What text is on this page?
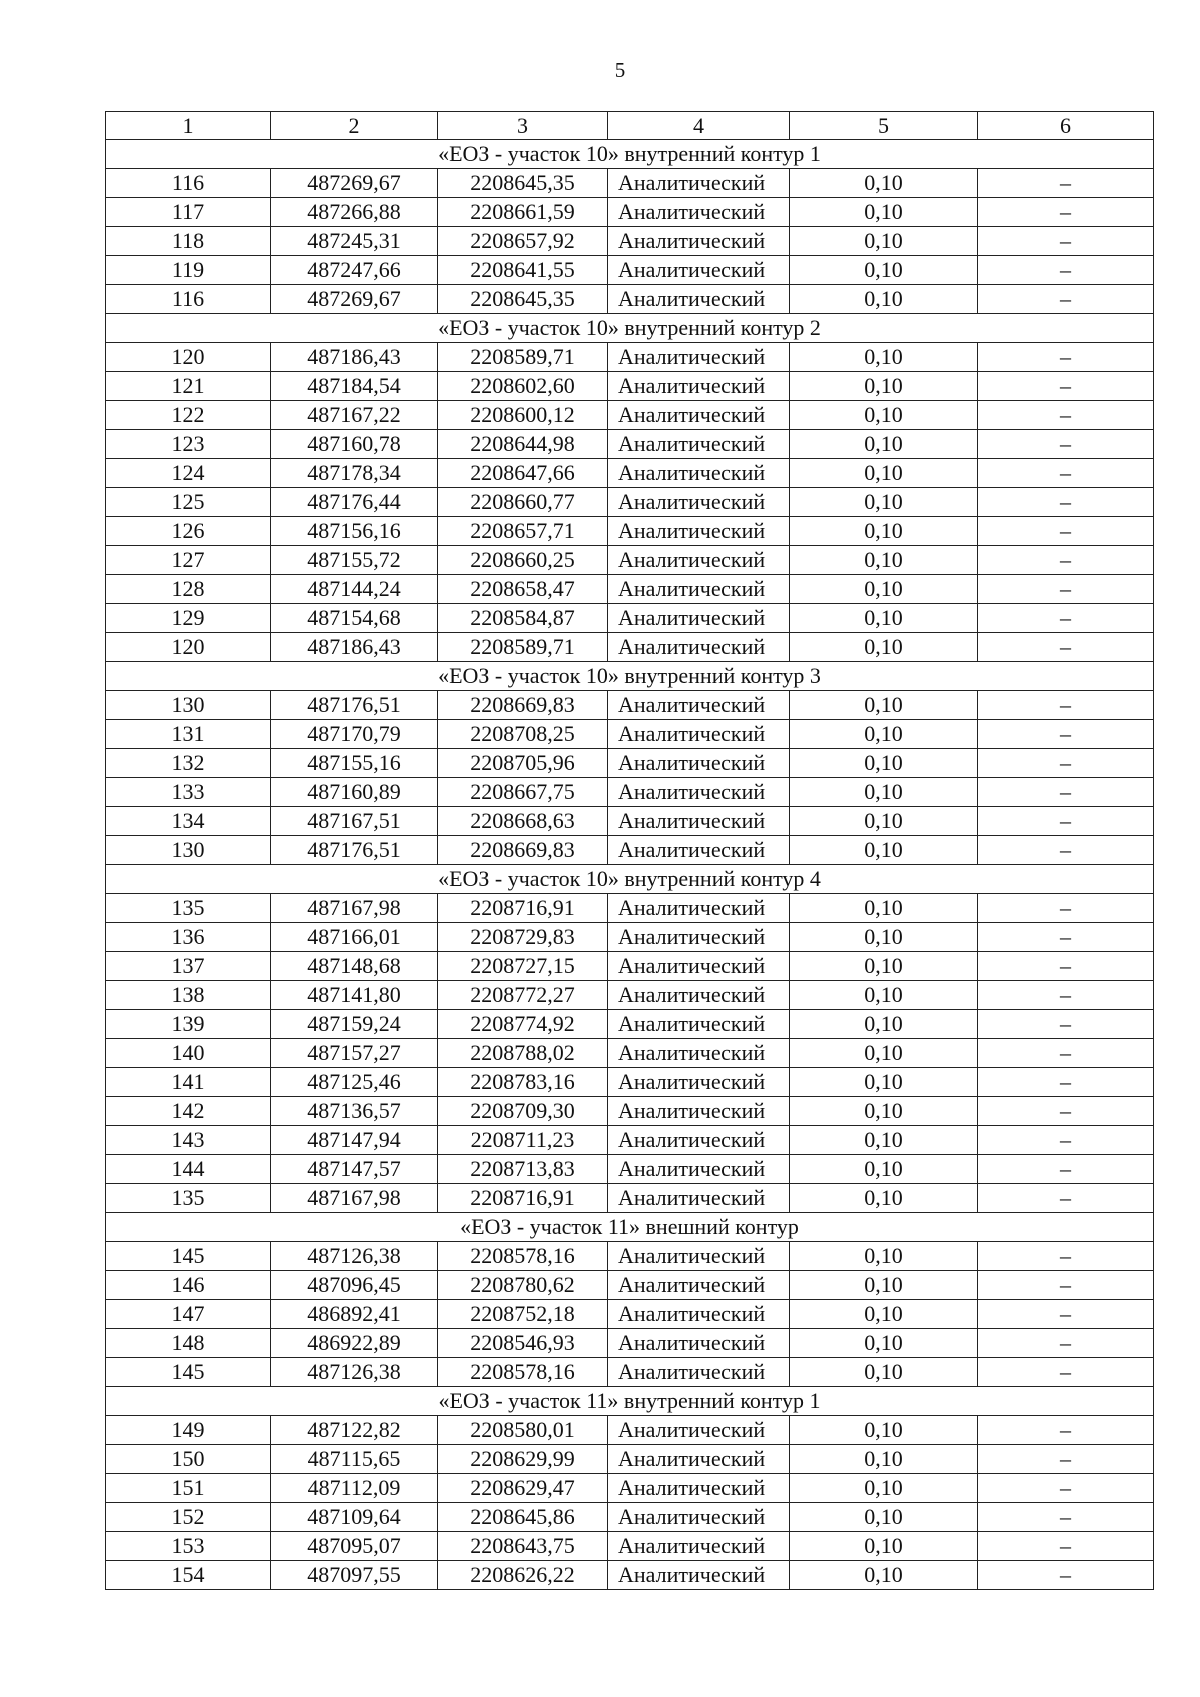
5
1	2	3	4	5	6
«ЕОЗ - участок 10» внутренний контур 1					
116	487269,67	2208645,35	Аналитический	0,10	–
117	487266,88	2208661,59	Аналитический	0,10	–
118	487245,31	2208657,92	Аналитический	0,10	–
119	487247,66	2208641,55	Аналитический	0,10	–
116	487269,67	2208645,35	Аналитический	0,10	–
«ЕОЗ - участок 10» внутренний контур 2					
120	487186,43	2208589,71	Аналитический	0,10	–
121	487184,54	2208602,60	Аналитический	0,10	–
122	487167,22	2208600,12	Аналитический	0,10	–
123	487160,78	2208644,98	Аналитический	0,10	–
124	487178,34	2208647,66	Аналитический	0,10	–
125	487176,44	2208660,77	Аналитический	0,10	–
126	487156,16	2208657,71	Аналитический	0,10	–
127	487155,72	2208660,25	Аналитический	0,10	–
128	487144,24	2208658,47	Аналитический	0,10	–
129	487154,68	2208584,87	Аналитический	0,10	–
120	487186,43	2208589,71	Аналитический	0,10	–
«ЕОЗ - участок 10» внутренний контур 3					
130	487176,51	2208669,83	Аналитический	0,10	–
131	487170,79	2208708,25	Аналитический	0,10	–
132	487155,16	2208705,96	Аналитический	0,10	–
133	487160,89	2208667,75	Аналитический	0,10	–
134	487167,51	2208668,63	Аналитический	0,10	–
130	487176,51	2208669,83	Аналитический	0,10	–
«ЕОЗ - участок 10» внутренний контур 4					
135	487167,98	2208716,91	Аналитический	0,10	–
136	487166,01	2208729,83	Аналитический	0,10	–
137	487148,68	2208727,15	Аналитический	0,10	–
138	487141,80	2208772,27	Аналитический	0,10	–
139	487159,24	2208774,92	Аналитический	0,10	–
140	487157,27	2208788,02	Аналитический	0,10	–
141	487125,46	2208783,16	Аналитический	0,10	–
142	487136,57	2208709,30	Аналитический	0,10	–
143	487147,94	2208711,23	Аналитический	0,10	–
144	487147,57	2208713,83	Аналитический	0,10	–
135	487167,98	2208716,91	Аналитический	0,10	–
«ЕОЗ - участок 11» внешний контур					
145	487126,38	2208578,16	Аналитический	0,10	–
146	487096,45	2208780,62	Аналитический	0,10	–
147	486892,41	2208752,18	Аналитический	0,10	–
148	486922,89	2208546,93	Аналитический	0,10	–
145	487126,38	2208578,16	Аналитический	0,10	–
«ЕОЗ - участок 11» внутренний контур 1					
149	487122,82	2208580,01	Аналитический	0,10	–
150	487115,65	2208629,99	Аналитический	0,10	–
151	487112,09	2208629,47	Аналитический	0,10	–
152	487109,64	2208645,86	Аналитический	0,10	–
153	487095,07	2208643,75	Аналитический	0,10	–
154	487097,55	2208626,22	Аналитический	0,10	–
